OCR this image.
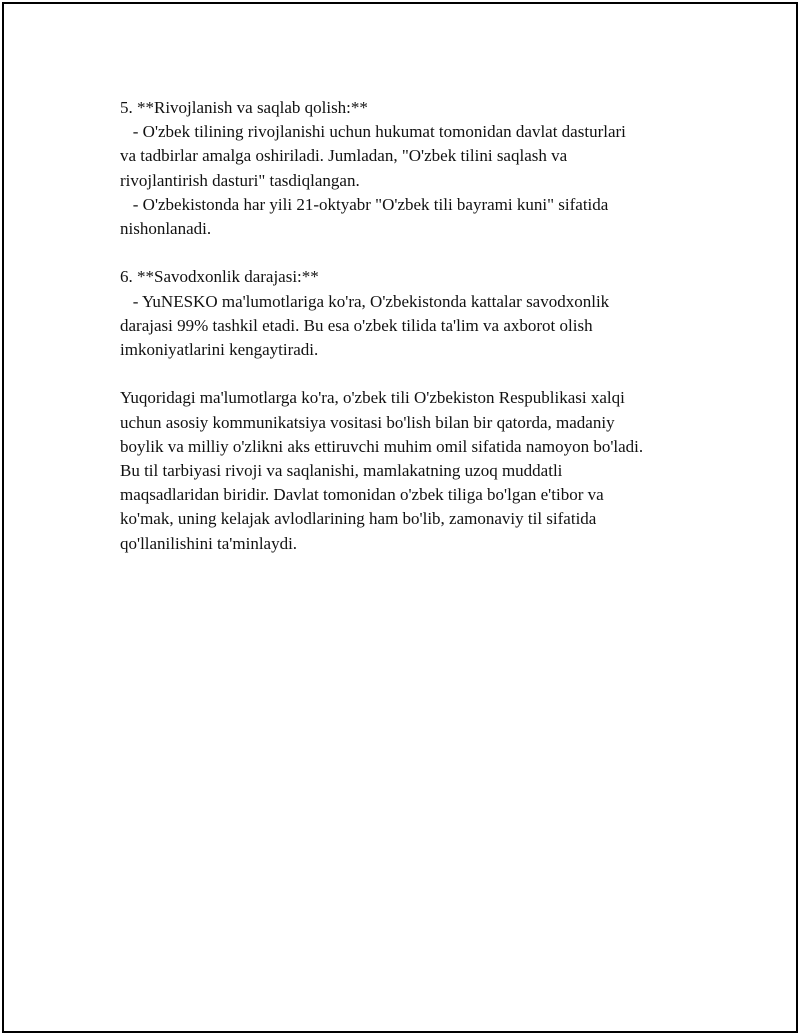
5. **Rivojlanish va saqlab qolish:**
- O'zbek tilining rivojlanishi uchun hukumat tomonidan davlat dasturlari
va tadbirlar amalga oshiriladi. Jumladan, "O'zbek tilini saqlash va
rivojlantirish dasturi" tasdiqlangan.
- O'zbekistonda har yili 21-oktyabr "O'zbek tili bayrami kuni" sifatida
nishonlanadi.
6. **Savodxonlik darajasi:**
- YuNESKO ma'lumotlariga ko'ra, O'zbekistonda kattalar savodxonlik
darajasi 99% tashkil etadi. Bu esa o'zbek tilida ta'lim va axborot olish
imkoniyatlarini kengaytiradi.
Yuqoridagi ma'lumotlarga ko'ra, o'zbek tili O'zbekiston Respublikasi xalqi
uchun asosiy kommunikatsiya vositasi bo'lish bilan bir qatorda, madaniy
boylik va milliy o'zlikni aks ettiruvchi muhim omil sifatida namoyon bo'ladi.
Bu til tarbiyasi rivoji va saqlanishi, mamlakatning uzoq muddatli
maqsadlaridan biridir. Davlat tomonidan o'zbek tiliga bo'lgan e'tibor va
ko'mak, uning kelajak avlodlarining ham bo'lib, zamonaviy til sifatida
qo'llanilishini ta'minlaydi.
